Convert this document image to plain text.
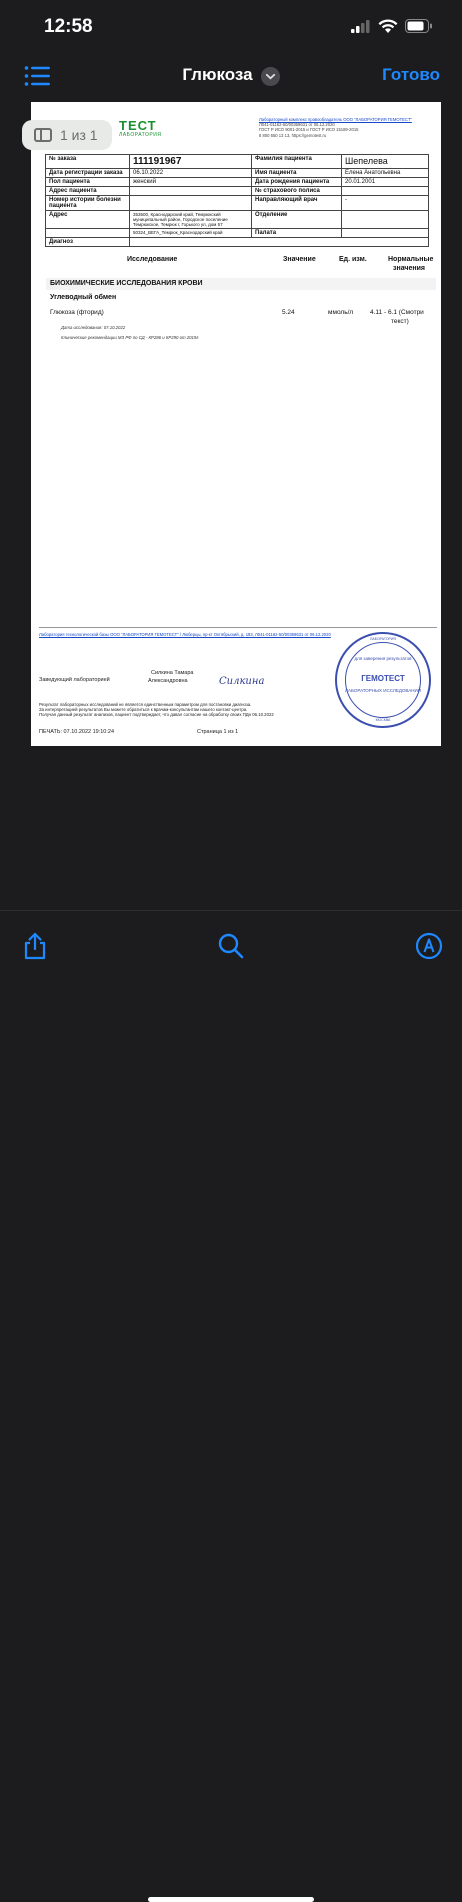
12:58
Глюкоза	Готово
1 из 1
ТЕСТ
ЛАБОРАТОРИЯ
Лабораторный комплекс правообладатель ООО "ЛАБОРАТОРИЯ ГЕМОТЕСТ"
Л041-01162-50/00369631 от 06.12.2020
ГОСТ Р ИСО 9001-2015 и ГОСТ Р ИСО 15189-2015
8 800 550 13 13, https://gemotest.ru
№ заказа	111191967	Фамилия пациента	Шепелева
Дата регистрации заказа	06.10.2022	Имя пациента	Елена Анатольевна
Пол пациента	женский	Дата рождения пациента	20.01.2001
Адрес пациента		№ страхового полиса	
Номер истории болезни пациента		Направляющий врач	-
Адрес	353500, Краснодарский край, Темрюкский муниципальный район, Городское поселение Темрюкское, Темрюк г, Горького ул, дом 57	Отделение	
	50324_ВЕГА_Темрюк_Краснодарский край	Палата	
Диагноз			
Исследование	Значение	Ед. изм.	Нормальные
значения
БИОХИМИЧЕСКИЕ ИССЛЕДОВАНИЯ КРОВИ
Углеводный обмен
Глюкоза (фторид)	5.24	ммоль/л	4.11 - 6.1 (Смотри
текст)
Дата исследования: 07.10.2022
Клинические рекомендации МЗ РФ по СД - КР286 и КР290 от 2019г
Лаборатория технологической базы ООО "ЛАБОРАТОРИЯ ГЕМОТЕСТ" / Люберцы, пр-кт Октябрьский, д. 183, Л041-01162-50/00369631 от 06.12.2020
Заведующий лабораторией
Силкина Тамара
Александровна	Силкина
Результат лабораторных исследований не является единственным параметром для постановки диагноза.
За интерпретацией результатов Вы можете обратиться к врачам-консультантам нашего контакт-центра.
Получая данный результат анализов, пациент подтверждает, что давал согласие на обработку своих ПДн 06.10.2022
ПЕЧАТЬ: 07.10.2022 19:10:24	Страница 1 из 1
ЛАБОРАТОРИЯ
для заверения результатов
ГЕМОТЕСТ
ЛАБОРАТОРНЫХ ИССЛЕДОВАНИЙ
МОСКВА
